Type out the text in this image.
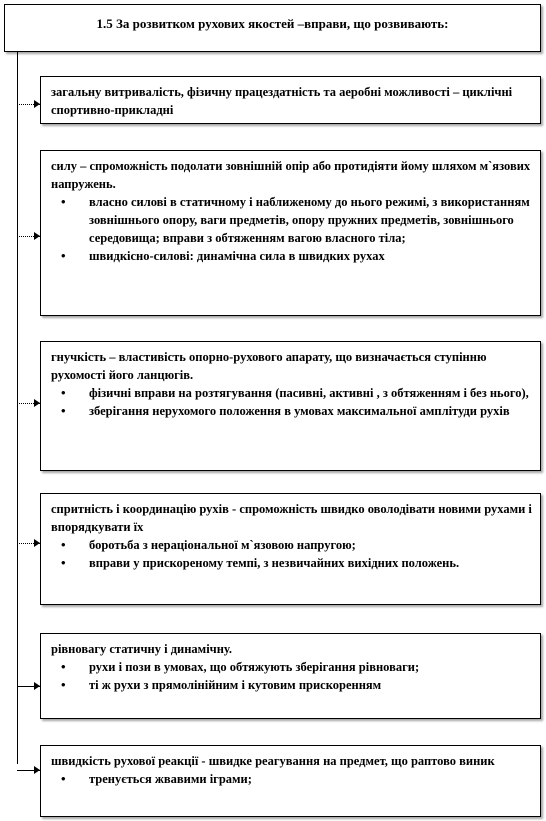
1.5 За розвитком рухових якостей –вправи, що розвивають:

загальну витривалість, фізичну працездатність та аеробні можливості – циклічні спортивно-прикладні

силу – спроможність подолати зовнішній опір або протидіяти йому шляхом м`язових напружень.

• власно силові в статичному і наближеному до нього режимі, з використанням зовнішнього опору, ваги предметів, опору пружних предметів, зовнішнього середовища; вправи з обтяженням вагою власного тіла;
• швидкісно-силові: динамічна сила в швидких рухах

гнучкість – властивість опорно-рухового апарату, що визначається ступінню рухомості його ланцюгів.

• фізичні вправи на розтягування (пасивні, активні , з обтяженням і без нього),
• зберігання нерухомого положення в умовах максимальної амплітуди рухів

спритність і координацію рухів - спроможність швидко оволодівати новими рухами і впорядкувати їх

• боротьба з нераціональної м`язовою напругою;
• вправи у прискореному темпі, з незвичайних вихідних положень.

рівновагу статичну і динамічну.

• рухи і пози в умовах, що обтяжують зберігання рівноваги;
• ті ж рухи з прямолінійним і кутовим прискоренням

швидкість рухової реакції - швидке реагування на предмет, що раптово виник

• тренується жвавими іграми;
